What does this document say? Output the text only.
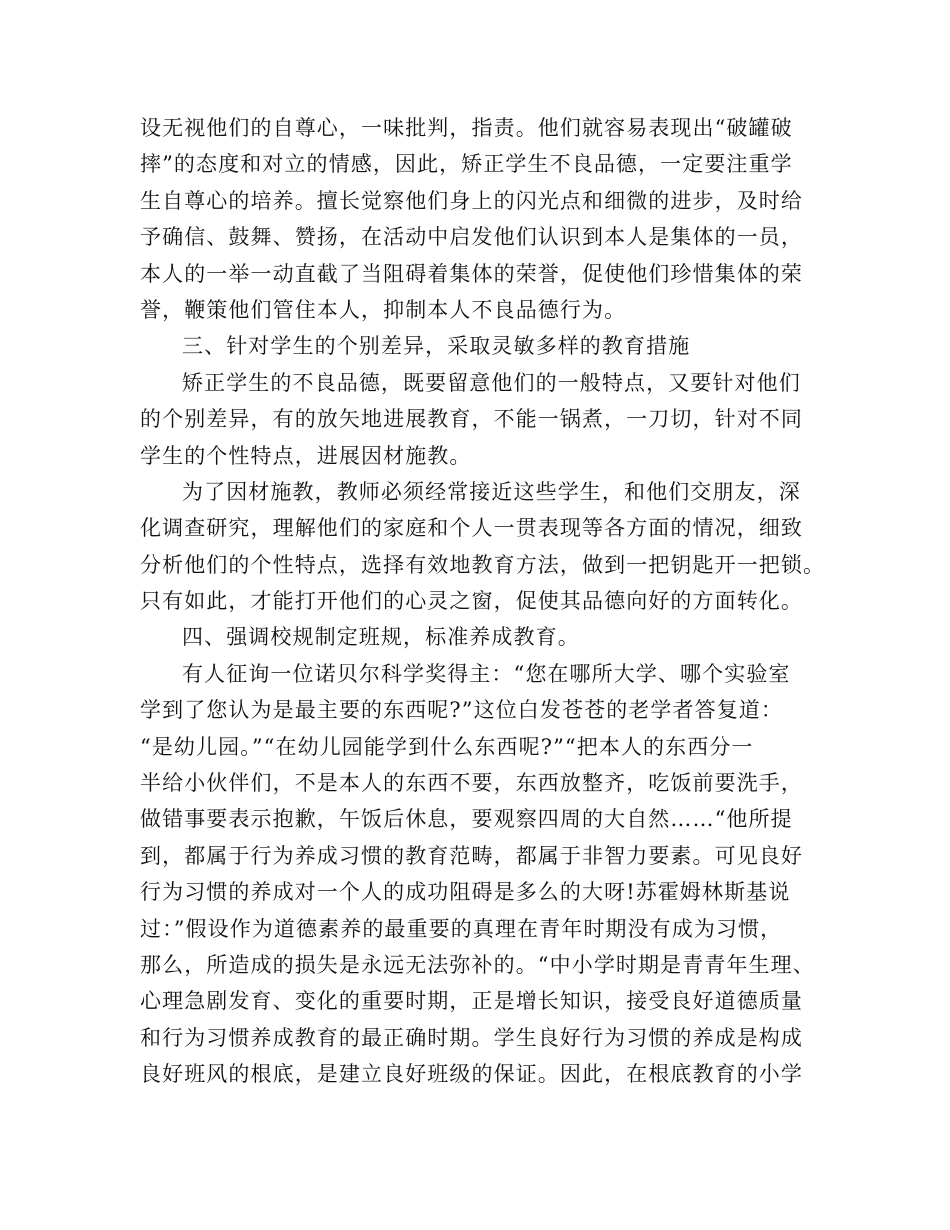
设无视他们的自尊心，一味批判，指责。他们就容易表现出“破罐破
摔”的态度和对立的情感，因此，矫正学生不良品德，一定要注重学
生自尊心的培养。擅长觉察他们身上的闪光点和细微的进步，及时给
予确信、鼓舞、赞扬，在活动中启发他们认识到本人是集体的一员，
本人的一举一动直截了当阻碍着集体的荣誉，促使他们珍惜集体的荣
誉，鞭策他们管住本人，抑制本人不良品德行为。
三、针对学生的个别差异，采取灵敏多样的教育措施
矫正学生的不良品德，既要留意他们的一般特点，又要针对他们
的个别差异，有的放矢地进展教育，不能一锅煮，一刀切，针对不同
学生的个性特点，进展因材施教。
为了因材施教，教师必须经常接近这些学生，和他们交朋友，深
化调查研究，理解他们的家庭和个人一贯表现等各方面的情况，细致
分析他们的个性特点，选择有效地教育方法，做到一把钥匙开一把锁。
只有如此，才能打开他们的心灵之窗，促使其品德向好的方面转化。
四、强调校规制定班规，标准养成教育。
有人征询一位诺贝尔科学奖得主：“您在哪所大学、哪个实验室
学到了您认为是最主要的东西呢?”这位白发苍苍的老学者答复道：
“是幼儿园。”“在幼儿园能学到什么东西呢?”“把本人的东西分一
半给小伙伴们，不是本人的东西不要，东西放整齐，吃饭前要洗手，
做错事要表示抱歉，午饭后休息，要观察四周的大自然……“他所提
到，都属于行为养成习惯的教育范畴，都属于非智力要素。可见良好
行为习惯的养成对一个人的成功阻碍是多么的大呀!苏霍姆林斯基说
过：”假设作为道德素养的最重要的真理在青年时期没有成为习惯，
那么，所造成的损失是永远无法弥补的。“中小学时期是青青年生理、
心理急剧发育、变化的重要时期，正是增长知识，接受良好道德质量
和行为习惯养成教育的最正确时期。学生良好行为习惯的养成是构成
良好班风的根底，是建立良好班级的保证。因此，在根底教育的小学
